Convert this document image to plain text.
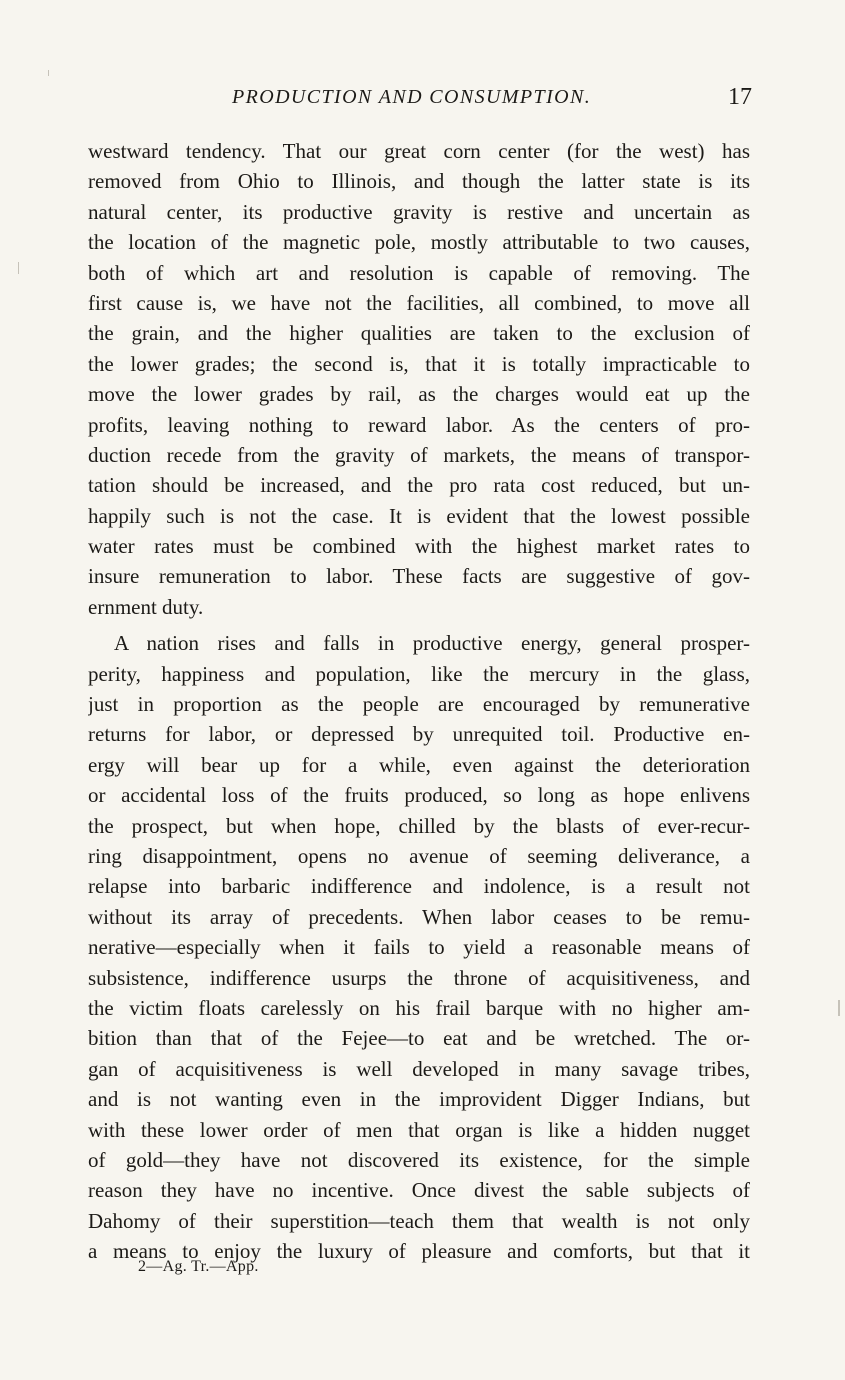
PRODUCTION AND CONSUMPTION.	17
westward tendency. That our great corn center (for the west) has
removed from Ohio to Illinois, and though the latter state is its
natural center, its productive gravity is restive and uncertain as
the location of the magnetic pole, mostly attributable to two causes,
both of which art and resolution is capable of removing. The
first cause is, we have not the facilities, all combined, to move all
the grain, and the higher qualities are taken to the exclusion of
the lower grades; the second is, that it is totally impracticable to
move the lower grades by rail, as the charges would eat up the
profits, leaving nothing to reward labor. As the centers of pro-
duction recede from the gravity of markets, the means of transpor-
tation should be increased, and the pro rata cost reduced, but un-
happily such is not the case. It is evident that the lowest possible
water rates must be combined with the highest market rates to
insure remuneration to labor. These facts are suggestive of gov-
ernment duty.
A nation rises and falls in productive energy, general prosper-
perity, happiness and population, like the mercury in the glass,
just in proportion as the people are encouraged by remunerative
returns for labor, or depressed by unrequited toil. Productive en-
ergy will bear up for a while, even against the deterioration
or accidental loss of the fruits produced, so long as hope enlivens
the prospect, but when hope, chilled by the blasts of ever-recur-
ring disappointment, opens no avenue of seeming deliverance, a
relapse into barbaric indifference and indolence, is a result not
without its array of precedents. When labor ceases to be remu-
nerative—especially when it fails to yield a reasonable means of
subsistence, indifference usurps the throne of acquisitiveness, and
the victim floats carelessly on his frail barque with no higher am-
bition than that of the Fejee—to eat and be wretched. The or-
gan of acquisitiveness is well developed in many savage tribes,
and is not wanting even in the improvident Digger Indians, but
with these lower order of men that organ is like a hidden nugget
of gold—they have not discovered its existence, for the simple
reason they have no incentive. Once divest the sable subjects of
Dahomy of their superstition—teach them that wealth is not only
a means to enjoy the luxury of pleasure and comforts, but that it
2—Ag. Tr.—App.
